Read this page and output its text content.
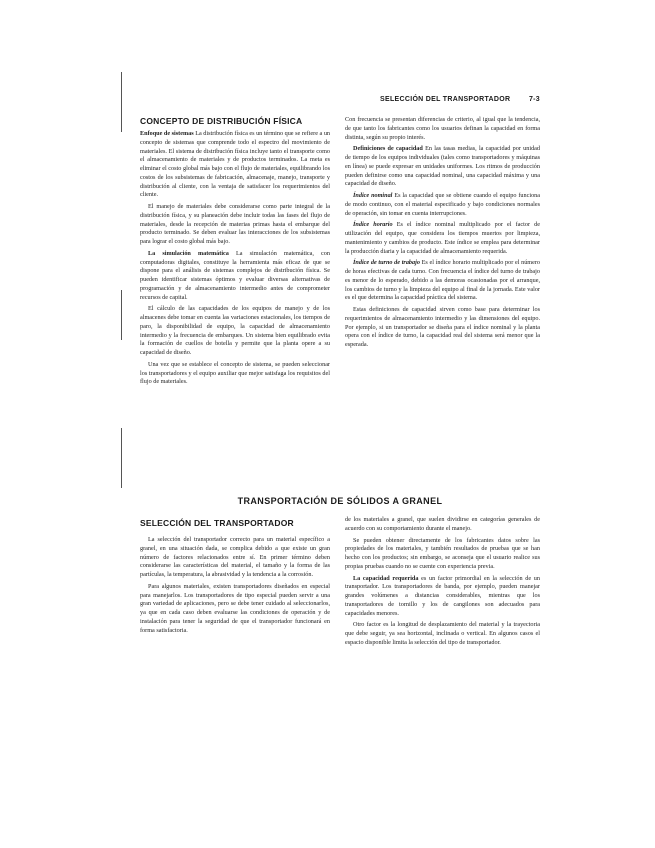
SELECCIÓN DEL TRANSPORTADOR	7-3
CONCEPTO DE DISTRIBUCIÓN FÍSICA

Enfoque de sistemas La distribución física es un término que se refiere a un concepto de sistemas que comprende todo el espectro del movimiento de materiales. El sistema de distribución física incluye tanto el transporte como el almacenamiento de materiales y de productos terminados. La meta es eliminar el costo global más bajo con el flujo de materiales, equilibrando los costos de los subsistemas de fabricación, almacenaje, manejo, transporte y distribución al cliente, con la ventaja de satisfacer los requerimientos del cliente.

El manejo de materiales debe considerarse como parte integral de la distribución física, y su planeación debe incluir todas las fases del flujo de materiales, desde la recepción de materias primas hasta el embarque del producto terminado. Se deben evaluar las interacciones de los subsistemas para lograr el costo global más bajo.

La simulación matemática La simulación matemática, con computadoras digitales, constituye la herramienta más eficaz de que se dispone para el análisis de sistemas complejos de distribución física. Se pueden identificar sistemas óptimos y evaluar diversas alternativas de programación y de almacenamiento intermedio antes de comprometer recursos de capital.

El cálculo de las capacidades de los equipos de manejo y de los almacenes debe tomar en cuenta las variaciones estacionales, los tiempos de paro, la disponibilidad de equipo, la capacidad de almacenamiento intermedio y la frecuencia de embarques. Un sistema bien equilibrado evita la formación de cuellos de botella y permite que la planta opere a su capacidad de diseño.

Una vez que se establece el concepto de sistema, se pueden seleccionar los transportadores y el equipo auxiliar que mejor satisfaga los requisitos del flujo de materiales.

Con frecuencia se presentan diferencias de criterio, al igual que la tendencia, de que tanto los fabricantes como los usuarios definan la capacidad en forma distinta, según su propio interés.

Definiciones de capacidad En las tasas medias, la capacidad por unidad de tiempo de los equipos individuales (tales como transportadores y máquinas en línea) se puede expresar en unidades uniformes. Los ritmos de producción pueden definirse como una capacidad nominal, una capacidad máxima y una capacidad de diseño.

Índice nominal Es la capacidad que se obtiene cuando el equipo funciona de modo continuo, con el material especificado y bajo condiciones normales de operación, sin tomar en cuenta interrupciones.

Índice horario Es el índice nominal multiplicado por el factor de utilización del equipo, que considera los tiempos muertos por limpieza, mantenimiento y cambios de producto. Este índice se emplea para determinar la producción diaria y la capacidad de almacenamiento requerida.

Índice de turno de trabajo Es el índice horario multiplicado por el número de horas efectivas de cada turno. Con frecuencia el índice del turno de trabajo es menor de lo esperado, debido a las demoras ocasionadas por el arranque, los cambios de turno y la limpieza del equipo al final de la jornada. Este valor es el que determina la capacidad práctica del sistema.

Estas definiciones de capacidad sirven como base para determinar los requerimientos de almacenamiento intermedio y las dimensiones del equipo. Por ejemplo, si un transportador se diseña para el índice nominal y la planta opera con el índice de turno, la capacidad real del sistema será menor que la esperada.

TRANSPORTACIÓN DE SÓLIDOS A GRANEL
SELECCIÓN DEL TRANSPORTADOR

La selección del transportador correcto para un material específico a granel, en una situación dada, se complica debido a que existe un gran número de factores relacionados entre sí. En primer término deben considerarse las características del material, el tamaño y la forma de las partículas, la temperatura, la abrasividad y la tendencia a la corrosión.

Para algunos materiales, existen transportadores diseñados en especial para manejarlos. Los transportadores de tipo especial pueden servir a una gran variedad de aplicaciones, pero se debe tener cuidado al seleccionarlos, ya que en cada caso deben evaluarse las condiciones de operación y de instalación para tener la seguridad de que el transportador funcionará en forma satisfactoria.

de los materiales a granel, que suelen dividirse en categorías generales de acuerdo con su comportamiento durante el manejo.

Se pueden obtener directamente de los fabricantes datos sobre las propiedades de los materiales, y también resultados de pruebas que se han hecho con los productos; sin embargo, se aconseja que el usuario realice sus propias pruebas cuando no se cuente con experiencia previa.

La capacidad requerida es un factor primordial en la selección de un transportador. Los transportadores de banda, por ejemplo, pueden manejar grandes volúmenes a distancias considerables, mientras que los transportadores de tornillo y los de cangilones son adecuados para capacidades menores.

Otro factor es la longitud de desplazamiento del material y la trayectoria que debe seguir, ya sea horizontal, inclinada o vertical. En algunos casos el espacio disponible limita la selección del tipo de transportador.
